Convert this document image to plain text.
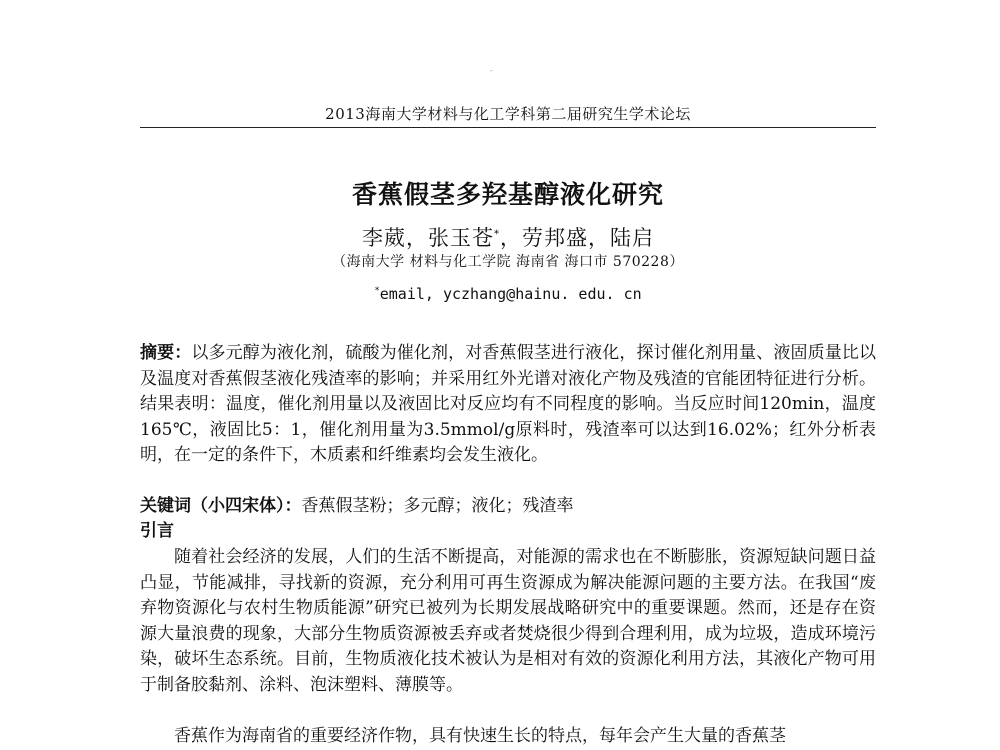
-
2013海南大学材料与化工学科第二届研究生学术论坛
香蕉假茎多羟基醇液化研究
李葳，张玉苍*，劳邦盛，陆启
（海南大学 材料与化工学院 海南省 海口市 570228）
*email, yczhang@hainu. edu. cn

摘要：以多元醇为液化剂，硫酸为催化剂，对香蕉假茎进行液化，探讨催化剂用量、液固质量比以及温度对香蕉假茎液化残渣率的影响；并采用红外光谱对液化产物及残渣的官能团特征进行分析。结果表明：温度，催化剂用量以及液固比对反应均有不同程度的影响。当反应时间120min，温度165℃，液固比5：1，催化剂用量为3.5mmol/g原料时，残渣率可以达到16.02%；红外分析表明，在一定的条件下，木质素和纤维素均会发生液化。

关键词（小四宋体）：香蕉假茎粉；多元醇；液化；残渣率

引言

随着社会经济的发展，人们的生活不断提高，对能源的需求也在不断膨胀，资源短缺问题日益凸显，节能减排，寻找新的资源，充分利用可再生资源成为解决能源问题的主要方法。在我国“废弃物资源化与农村生物质能源”研究已被列为长期发展战略研究中的重要课题。然而，还是存在资源大量浪费的现象，大部分生物质资源被丢弃或者焚烧很少得到合理利用，成为垃圾，造成环境污染，破坏生态系统。目前，生物质液化技术被认为是相对有效的资源化利用方法，其液化产物可用于制备胶黏剂、涂料、泡沫塑料、薄膜等。

香蕉作为海南省的重要经济作物，具有快速生长的特点，每年会产生大量的香蕉茎
